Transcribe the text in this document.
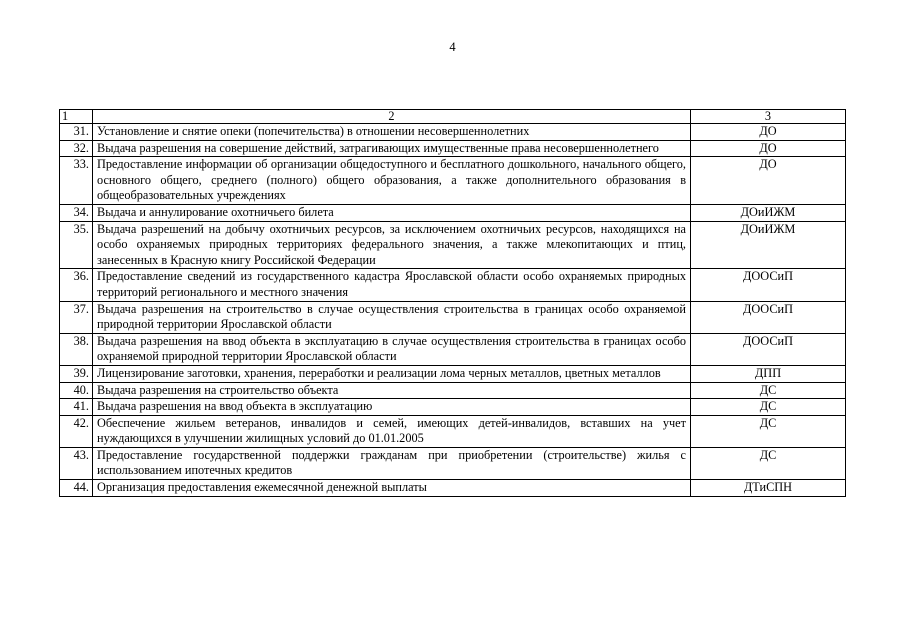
4
1	2	3
31.	Установление и снятие опеки (попечительства) в отношении несовершеннолетних	ДО
32.	Выдача разрешения на совершение действий, затрагивающих имущественные права несовершеннолетнего	ДО
33.	Предоставление информации об организации общедоступного и бесплатного дошкольного, начального общего, основного общего, среднего (полного) общего образования, а также дополнительного образования в общеобразовательных учреждениях	ДО
34.	Выдача и аннулирование охотничьего билета	ДОиИЖМ
35.	Выдача разрешений на добычу охотничьих ресурсов, за исключением охотничьих ресурсов, находящихся на особо охраняемых природных территориях федерального значения, а также млекопитающих и птиц, занесенных в Красную книгу Российской Федерации	ДОиИЖМ
36.	Предоставление сведений из государственного кадастра Ярославской области особо охраняемых природных территорий регионального и местного значения	ДООСиП
37.	Выдача разрешения на строительство в случае осуществления строительства в границах особо охраняемой природной территории Ярославской области	ДООСиП
38.	Выдача разрешения на ввод объекта в эксплуатацию в случае осуществления строительства в границах особо охраняемой природной территории Ярославской области	ДООСиП
39.	Лицензирование заготовки, хранения, переработки и реализации лома черных металлов, цветных металлов	ДПП
40.	Выдача разрешения на строительство объекта	ДС
41.	Выдача разрешения на ввод объекта в эксплуатацию	ДС
42.	Обеспечение жильем ветеранов, инвалидов и семей, имеющих детей-инвалидов, вставших на учет нуждающихся в улучшении жилищных условий до 01.01.2005	ДС
43.	Предоставление государственной поддержки гражданам при приобретении (строительстве) жилья с использованием ипотечных кредитов	ДС
44.	Организация предоставления ежемесячной денежной выплаты	ДТиСПН
